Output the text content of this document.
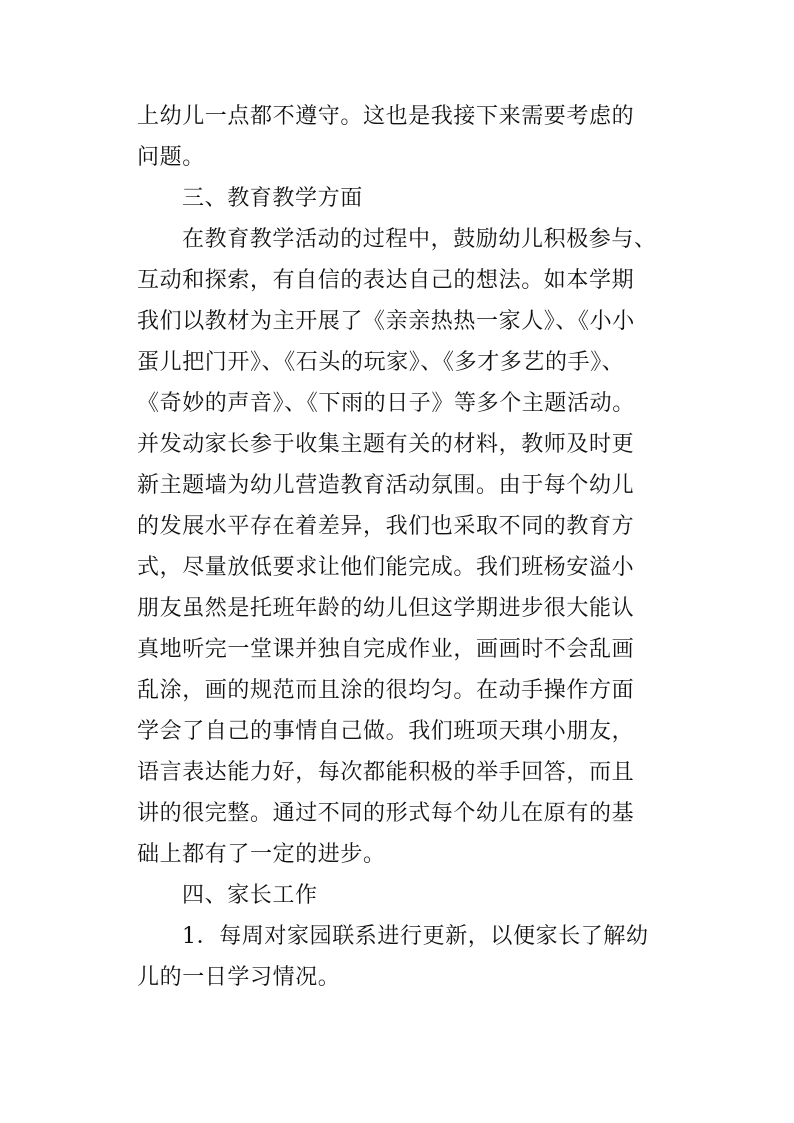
上幼儿一点都不遵守。这也是我接下来需要考虑的
问题。
三、教育教学方面
在教育教学活动的过程中，鼓励幼儿积极参与、
互动和探索，有自信的表达自己的想法。如本学期
我们以教材为主开展了《亲亲热热一家人》、《小小
蛋儿把门开》、《石头的玩家》、《多才多艺的手》、
《奇妙的声音》、《下雨的日子》等多个主题活动。
并发动家长参于收集主题有关的材料，教师及时更
新主题墙为幼儿营造教育活动氛围。由于每个幼儿
的发展水平存在着差异，我们也采取不同的教育方
式，尽量放低要求让他们能完成。我们班杨安溢小
朋友虽然是托班年龄的幼儿但这学期进步很大能认
真地听完一堂课并独自完成作业，画画时不会乱画
乱涂，画的规范而且涂的很均匀。在动手操作方面
学会了自己的事情自己做。我们班项天琪小朋友，
语言表达能力好，每次都能积极的举手回答，而且
讲的很完整。通过不同的形式每个幼儿在原有的基
础上都有了一定的进步。
四、家长工作
1．每周对家园联系进行更新，以便家长了解幼
儿的一日学习情况。
